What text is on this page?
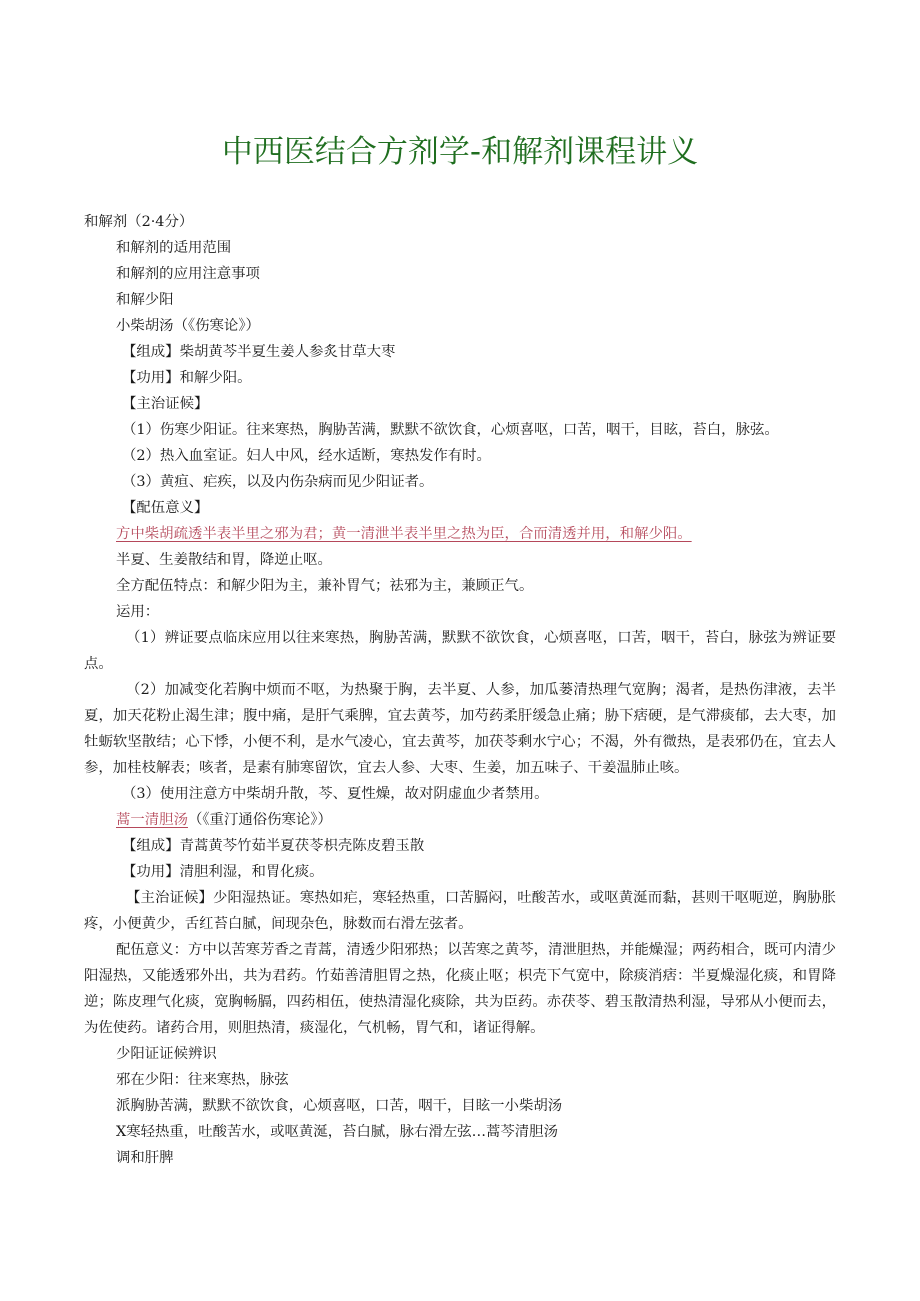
中西医结合方剂学-和解剂课程讲义

和解剂（2·4分）

和解剂的适用范围

和解剂的应用注意事项

和解少阳

小柴胡汤（《伤寒论》）

【组成】柴胡黄芩半夏生姜人参炙甘草大枣

【功用】和解少阳。

【主治证候】

（1）伤寒少阳证。往来寒热，胸胁苦满，默默不欲饮食，心烦喜呕，口苦，咽干，目眩，苔白，脉弦。

（2）热入血室证。妇人中风，经水适断，寒热发作有时。

（3）黄疸、疟疾，以及内伤杂病而见少阳证者。

【配伍意义】

方中柴胡疏透半表半里之邪为君；黄一清泄半表半里之热为臣，合而清透并用，和解少阳。

半夏、生姜散结和胃，降逆止呕。

全方配伍特点：和解少阳为主，兼补胃气；祛邪为主，兼顾正气。

运用：

（1）辨证要点临床应用以往来寒热，胸胁苦满，默默不欲饮食，心烦喜呕，口苦，咽干，苔白，脉弦为辨证要点。

（2）加减变化若胸中烦而不呕，为热聚于胸，去半夏、人参，加瓜蒌清热理气宽胸；渴者，是热伤津液，去半夏，加天花粉止渴生津；腹中痛，是肝气乘脾，宜去黄芩，加芍药柔肝缓急止痛；胁下痞硬，是气滞痰郁，去大枣，加牡蛎软坚散结；心下悸，小便不利，是水气凌心，宜去黄芩，加茯苓剩水宁心；不渴，外有微热，是表邪仍在，宜去人参，加桂枝解表；咳者，是素有肺寒留饮，宜去人参、大枣、生姜，加五味子、干姜温肺止咳。

（3）使用注意方中柴胡升散，芩、夏性燥，故对阴虚血少者禁用。

蒿一清胆汤（《重汀通俗伤寒论》）

【组成】青蒿黄芩竹茹半夏茯苓枳壳陈皮碧玉散

【功用】清胆利湿，和胃化痰。

【主治证候】少阳湿热证。寒热如疟，寒轻热重，口苦膈闷，吐酸苦水，或呕黄涎而黏，甚则干呕呃逆，胸胁胀疼，小便黄少，舌红苔白腻，间现杂色，脉数而右滑左弦者。

配伍意义：方中以苦寒芳香之青蒿，清透少阳邪热；以苦寒之黄芩，清泄胆热，并能燥湿；两药相合，既可内清少阳湿热，又能透邪外出，共为君药。竹茹善清胆胃之热，化痰止呕；枳壳下气宽中，除痰消痞：半夏燥湿化痰，和胃降逆；陈皮理气化痰，宽胸畅膈，四药相伍，使热清湿化痰除，共为臣药。赤茯苓、碧玉散清热利湿，导邪从小便而去，为佐使药。诸药合用，则胆热清，痰湿化，气机畅，胃气和，诸证得解。

少阳证证候辨识

邪在少阳：往来寒热，脉弦

派胸胁苦满，默默不欲饮食，心烦喜呕，口苦，咽干，目眩一小柴胡汤

X寒轻热重，吐酸苦水，或呕黄涎，苔白腻，脉右滑左弦…蒿芩清胆汤

调和肝脾
